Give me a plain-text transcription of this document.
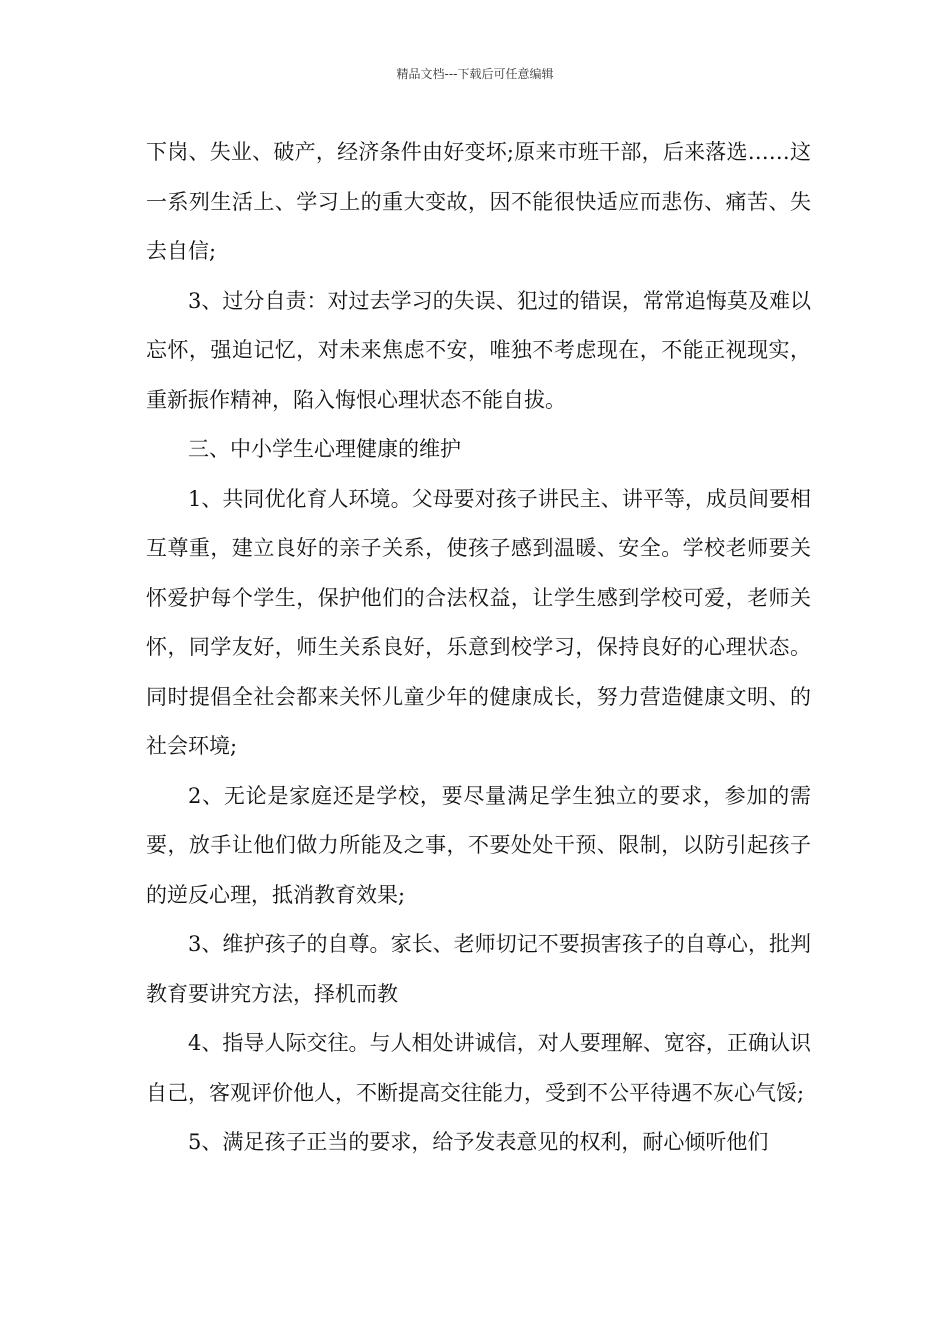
精品文档---下载后可任意编辑

下岗、失业、破产，经济条件由好变坏;原来市班干部，后来落选……这一系列生活上、学习上的重大变故，因不能很快适应而悲伤、痛苦、失去自信;

3、过分自责：对过去学习的失误、犯过的错误，常常追悔莫及难以忘怀，强迫记忆，对未来焦虑不安，唯独不考虑现在，不能正视现实，重新振作精神，陷入悔恨心理状态不能自拔。

三、中小学生心理健康的维护

1、共同优化育人环境。父母要对孩子讲民主、讲平等，成员间要相互尊重，建立良好的亲子关系，使孩子感到温暖、安全。学校老师要关怀爱护每个学生，保护他们的合法权益，让学生感到学校可爱，老师关怀，同学友好，师生关系良好，乐意到校学习，保持良好的心理状态。同时提倡全社会都来关怀儿童少年的健康成长，努力营造健康文明、的社会环境;

2、无论是家庭还是学校，要尽量满足学生独立的要求，参加的需要，放手让他们做力所能及之事，不要处处干预、限制，以防引起孩子的逆反心理，抵消教育效果;

3、维护孩子的自尊。家长、老师切记不要损害孩子的自尊心，批判教育要讲究方法，择机而教

4、指导人际交往。与人相处讲诚信，对人要理解、宽容，正确认识自己，客观评价他人，不断提高交往能力，受到不公平待遇不灰心气馁;

5、满足孩子正当的要求，给予发表意见的权利，耐心倾听他们
